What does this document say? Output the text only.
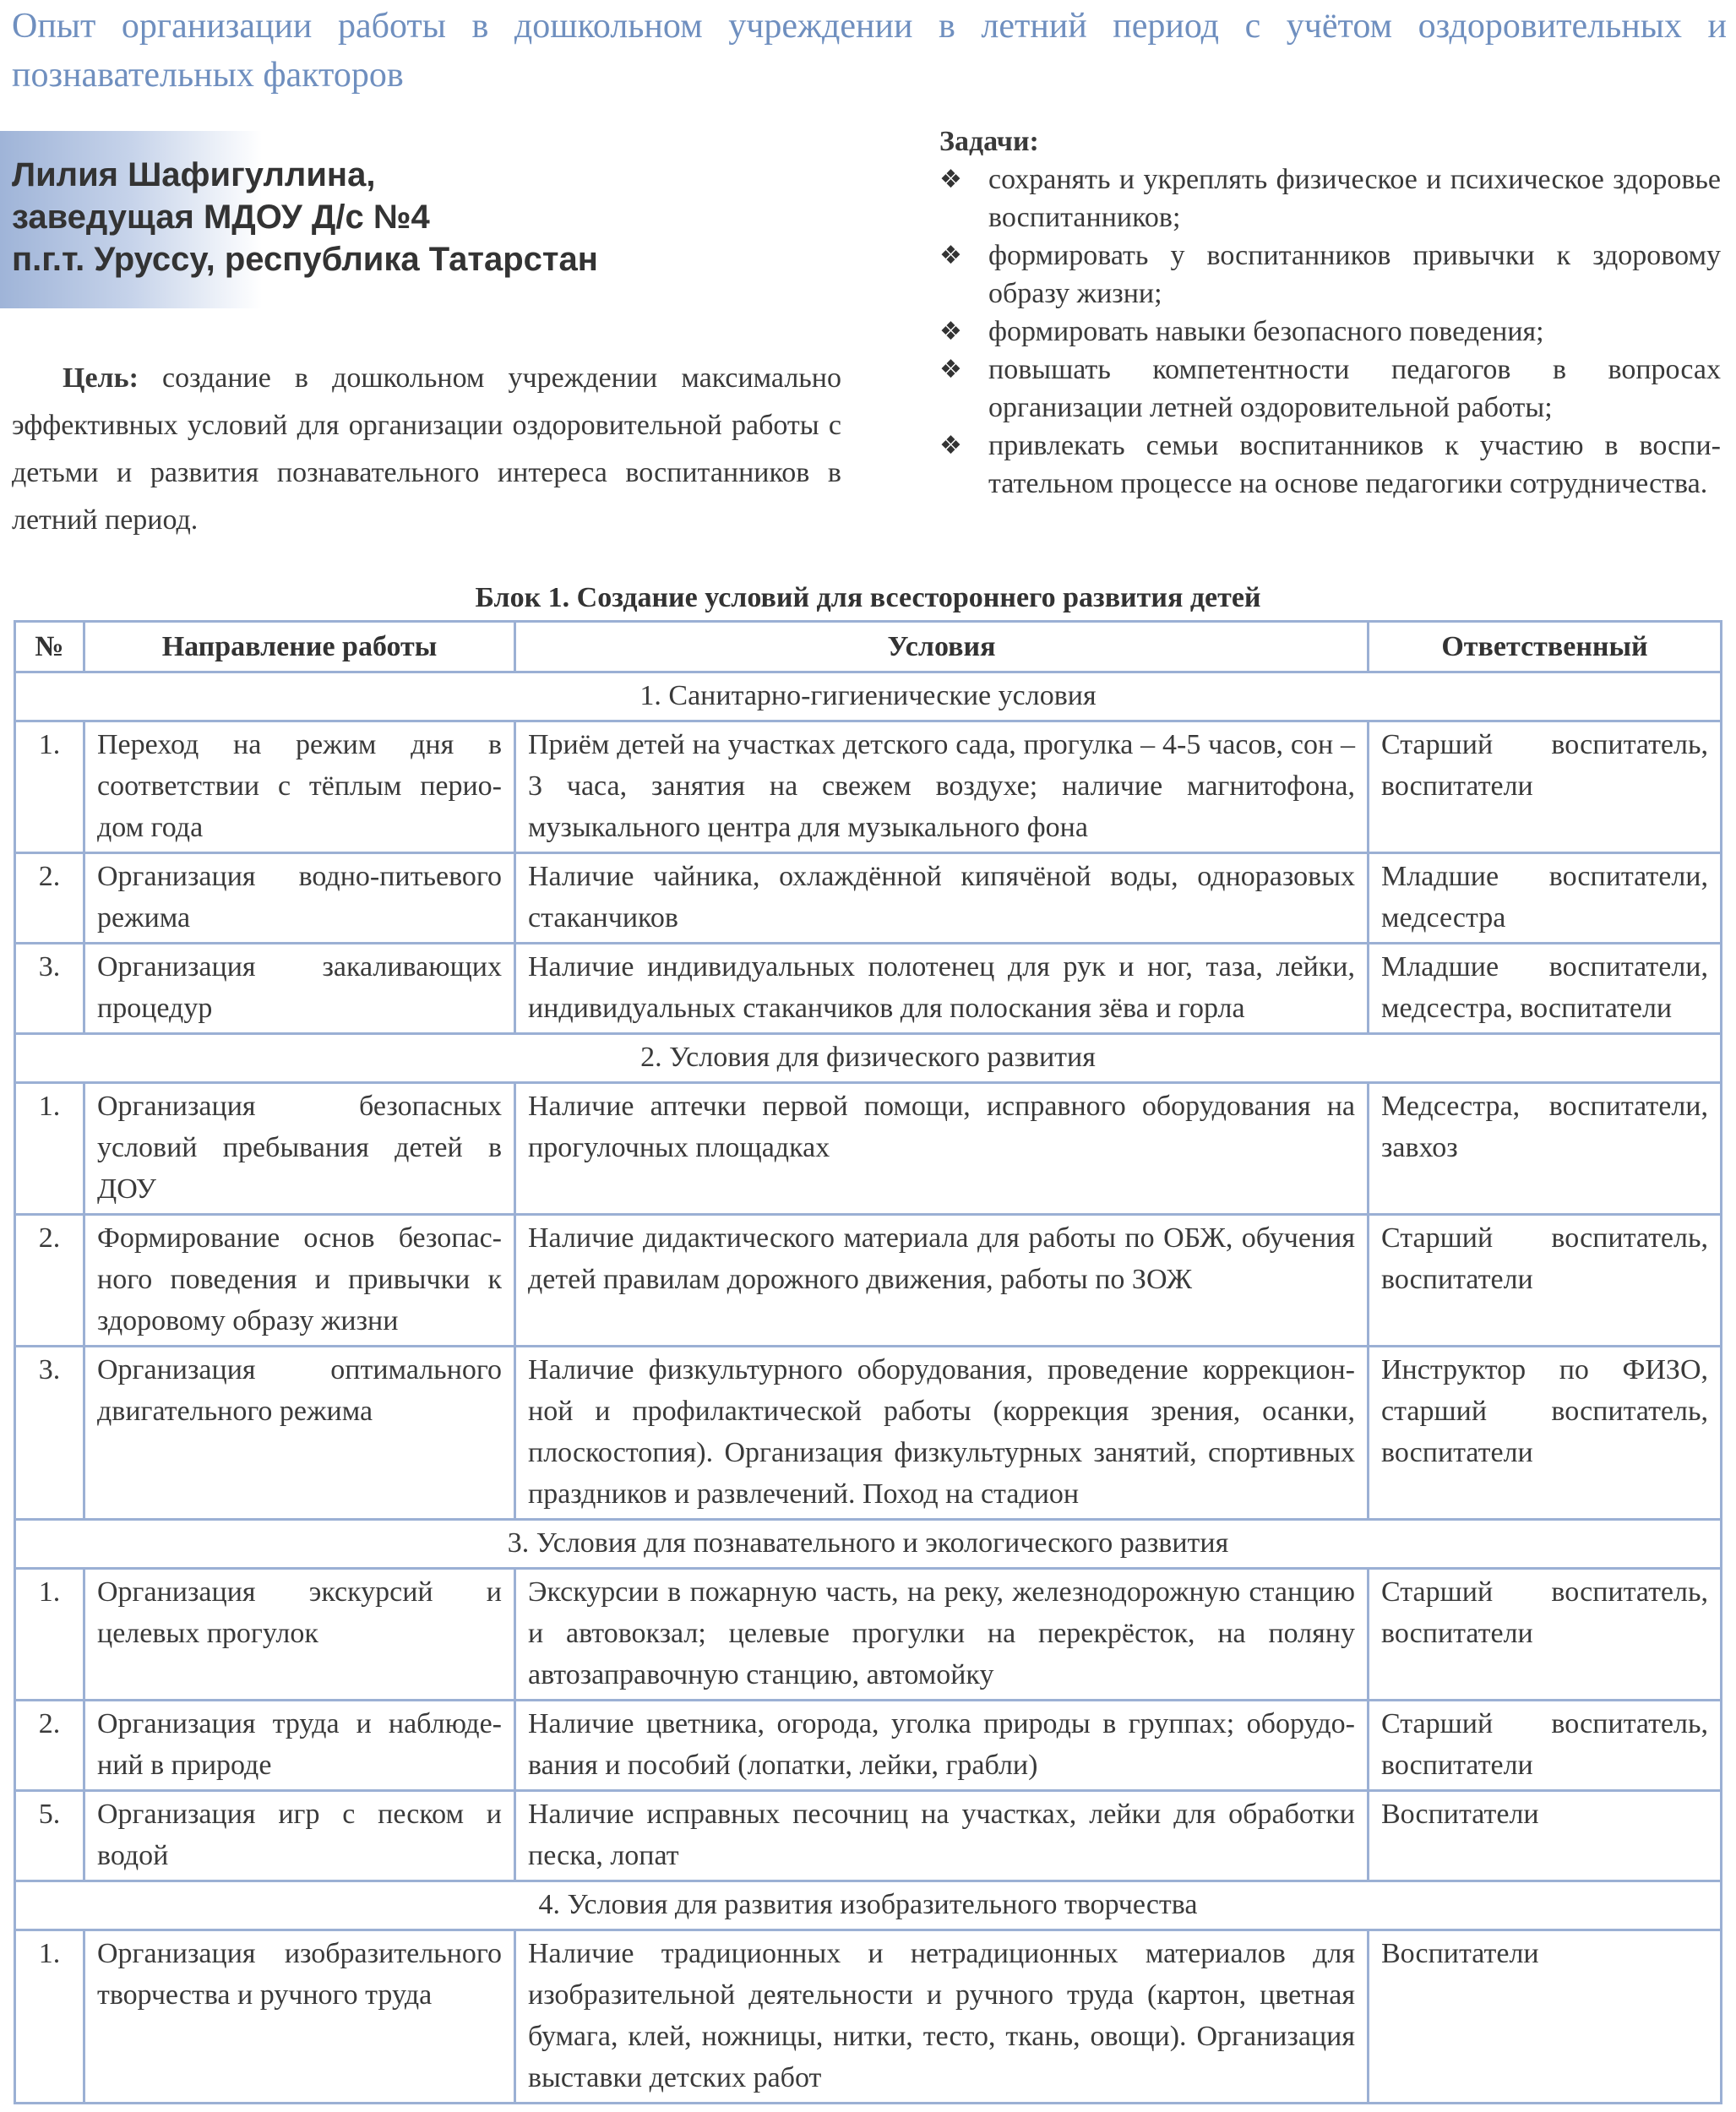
Опыт организации работы в дошкольном учреждении в летний период с учётом оздоровительных и познавательных факторов
Лилия Шафигуллина,
заведущая МДОУ Д/с №4
п.г.т. Уруссу, республика Татарстан
Цель: создание в дошкольном учреждении максимально эффективных условий для организации оздоровительной работы с детьми и развития познавательного интереса воспитанников в летний период.
Задачи:
❖ сохранять и укреплять физическое и психическое здоровье воспитанников;
❖ формировать у воспитанников привычки к здоровому образу жизни;
❖ формировать навыки безопасного поведения;
❖ повышать компетентности педагогов в вопросах организации летней оздоровительной работы;
❖ привлекать семьи воспитанников к участию в воспитательном процессе на основе педагогики сотрудничества.
Блок 1. Создание условий для всестороннего развития детей
№	Направление работы	Условия	Ответственный
1. Санитарно-гигиенические условия			
1.	Переход на режим дня в соответствии с тёплым периодом года	Приём детей на участках детского сада, прогулка – 4-5 часов, сон – 3 часа, занятия на свежем воздухе; наличие магнитофона, музыкального центра для музыкального фона	Старший воспитатель, воспитатели
2.	Организация водно-питьевого режима	Наличие чайника, охлаждённой кипячёной воды, одноразовых стаканчиков	Младшие воспитатели, медсестра
3.	Организация закаливающих процедур	Наличие индивидуальных полотенец для рук и ног, таза, лейки, индивидуальных стаканчиков для полоскания зёва и горла	Младшие воспитатели, медсестра, воспитатели
2. Условия для физического развития			
1.	Организация безопасных условий пребывания детей в ДОУ	Наличие аптечки первой помощи, исправного оборудования на прогулочных площадках	Медсестра, воспитатели, завхоз
2.	Формирование основ безопасного поведения и привычки к здоровому образу жизни	Наличие дидактического материала для работы по ОБЖ, обучения детей правилам дорожного движения, работы по ЗОЖ	Старший воспитатель, воспитатели
3.	Организация оптимального двигательного режима	Наличие физкультурного оборудования, проведение коррекционной и профилактической работы (коррекция зрения, осанки, плоскостопия). Организация физкультурных занятий, спортивных праздников и развлечений. Поход на стадион	Инструктор по ФИЗО, старший воспитатель, воспитатели
3. Условия для познавательного и экологического развития			
1.	Организация экскурсий и целевых прогулок	Экскурсии в пожарную часть, на реку, железнодорожную станцию и автовокзал; целевые прогулки на перекрёсток, на поляну автозаправочную станцию, автомойку	Старший воспитатель, воспитатели
2.	Организация труда и наблюдений в природе	Наличие цветника, огорода, уголка природы в группах; оборудования и пособий (лопатки, лейки, грабли)	Старший воспитатель, воспитатели
5.	Организация игр с песком и водой	Наличие исправных песочниц на участках, лейки для обработки песка, лопат	Воспитатели
4. Условия для развития изобразительного творчества			
1.	Организация изобразительного творчества и ручного труда	Наличие традиционных и нетрадиционных материалов для изобразительной деятельности и ручного труда (картон, цветная бумага, клей, ножницы, нитки, тесто, ткань, овощи). Организация выставки детских работ	Воспитатели
